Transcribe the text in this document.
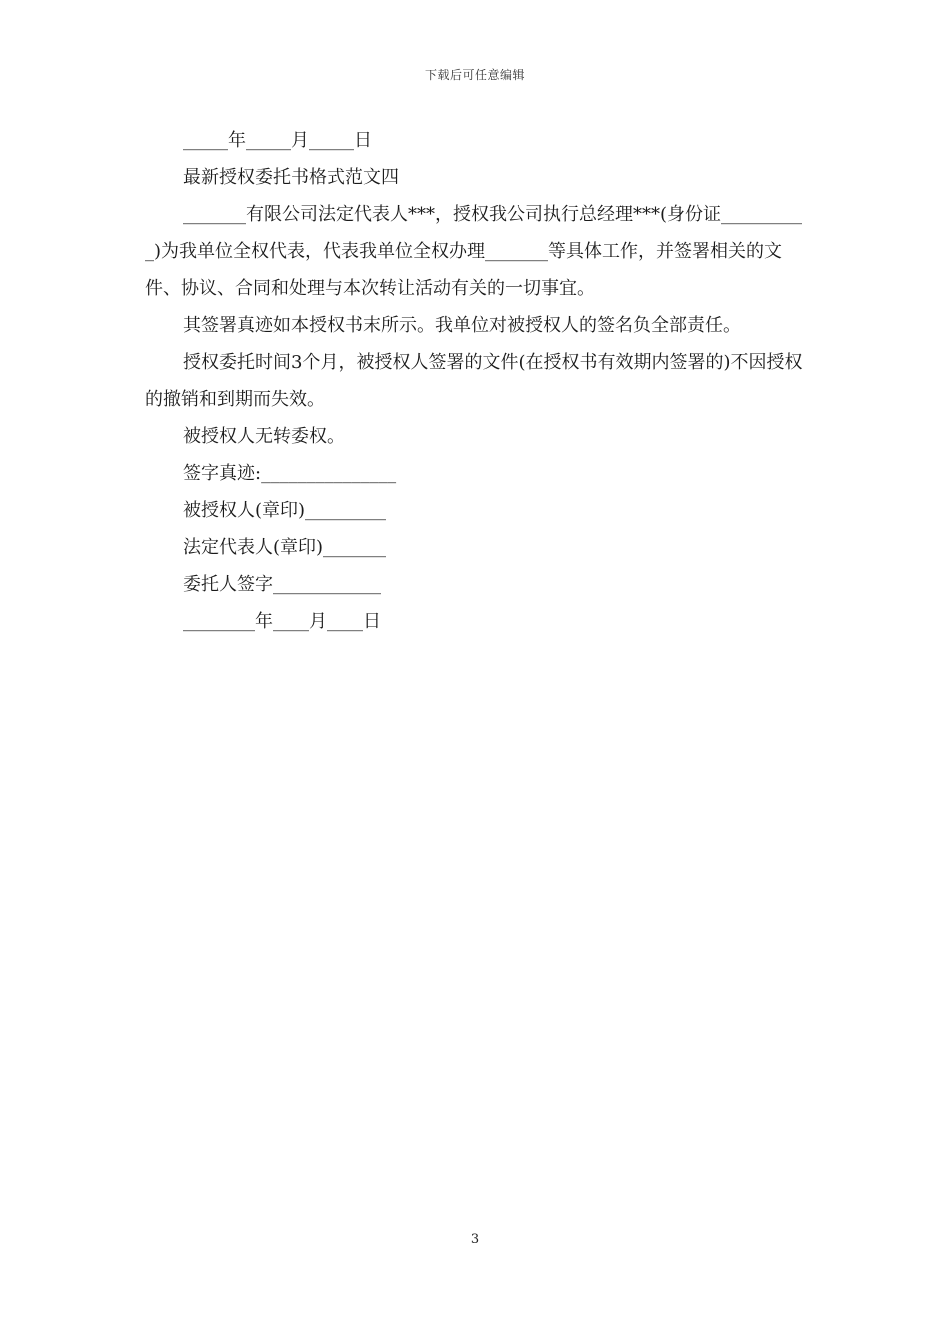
下载后可任意编辑

_____年_____月_____日

最新授权委托书格式范文四

_______有限公司法定代表人***，授权我公司执行总经理***(身份证__________)为我单位全权代表，代表我单位全权办理_______等具体工作，并签署相关的文件、协议、合同和处理与本次转让活动有关的一切事宜。

其签署真迹如本授权书末所示。我单位对被授权人的签名负全部责任。

授权委托时间3个月，被授权人签署的文件(在授权书有效期内签署的)不因授权的撤销和到期而失效。

被授权人无转委权。

签字真迹:_______________

被授权人(章印)_________

法定代表人(章印)_______

委托人签字____________

________年____月____日

3
